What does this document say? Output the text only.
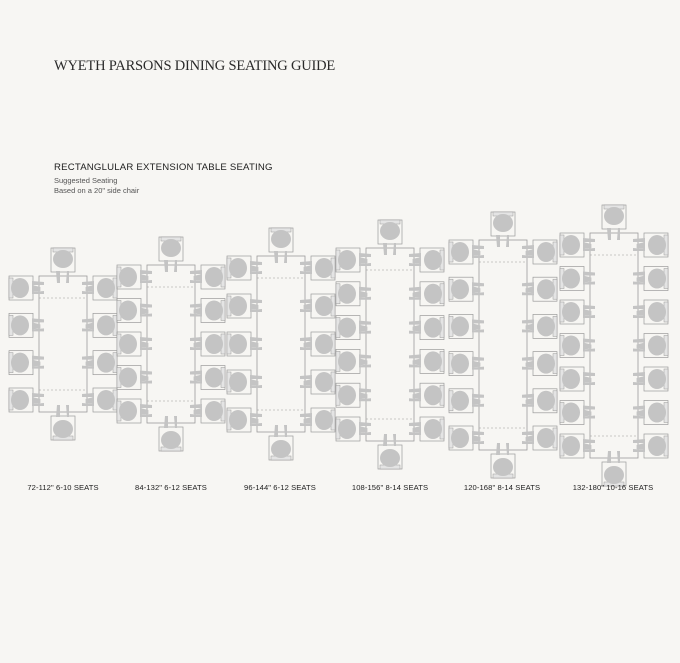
WYETH PARSONS DINING SEATING GUIDE
RECTANGLULAR EXTENSION TABLE SEATING
Suggested Seating
Based on a 20" side chair
72-112" 6-10 SEATS	84-132" 6-12 SEATS	96-144" 6-12 SEATS	108-156" 8-14 SEATS	120-168" 8-14 SEATS	132-180" 10-16 SEATS
